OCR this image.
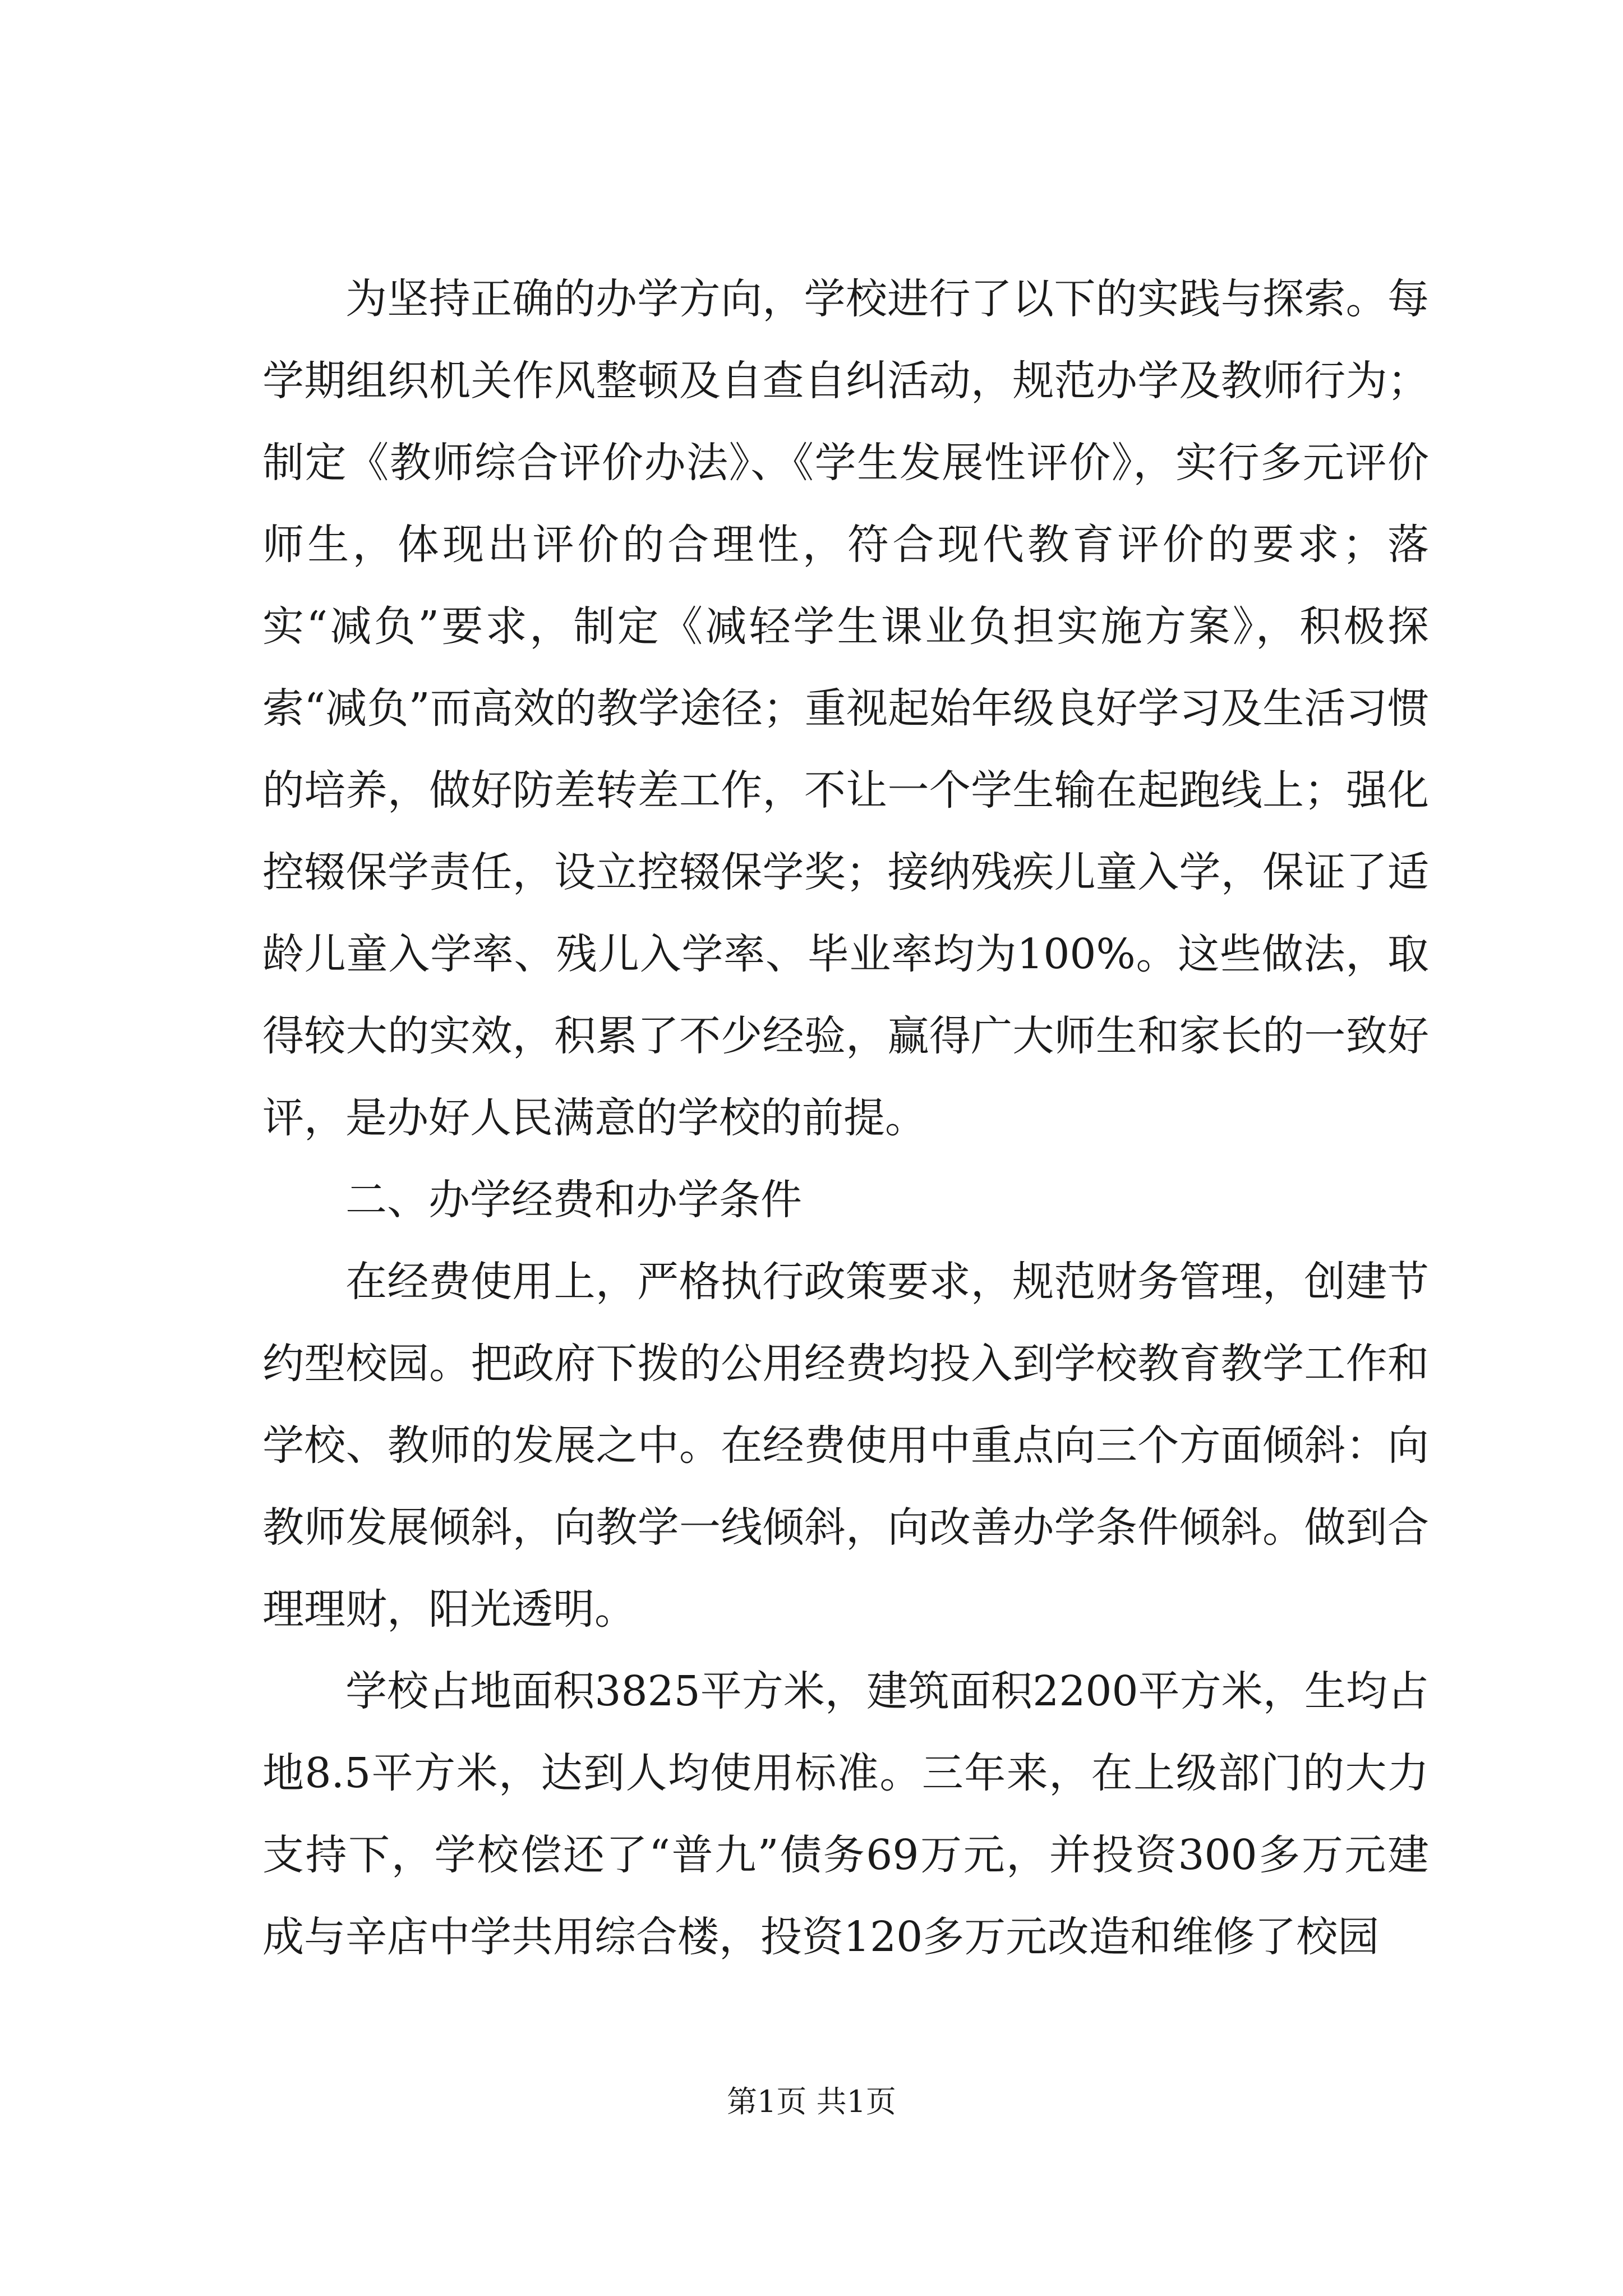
为坚持正确的办学方向，学校进行了以下的实践与探索。每学期组织机关作风整顿及自查自纠活动，规范办学及教师行为；制定《教师综合评价办法》、《学生发展性评价》，实行多元评价师生，体现出评价的合理性，符合现代教育评价的要求；落实“减负”要求，制定《减轻学生课业负担实施方案》，积极探索“减负”而高效的教学途径；重视起始年级良好学习及生活习惯的培养，做好防差转差工作，不让一个学生输在起跑线上；强化控辍保学责任，设立控辍保学奖；接纳残疾儿童入学，保证了适龄儿童入学率、残儿入学率、毕业率均为100%。这些做法，取得较大的实效，积累了不少经验，赢得广大师生和家长的一致好评，是办好人民满意的学校的前提。

二、办学经费和办学条件

在经费使用上，严格执行政策要求，规范财务管理，创建节约型校园。把政府下拨的公用经费均投入到学校教育教学工作和学校、教师的发展之中。在经费使用中重点向三个方面倾斜：向教师发展倾斜，向教学一线倾斜，向改善办学条件倾斜。做到合理理财，阳光透明。

学校占地面积3825平方米，建筑面积2200平方米，生均占地8.5平方米，达到人均使用标准。三年来，在上级部门的大力支持下，学校偿还了“普九”债务69万元，并投资300多万元建成与辛店中学共用综合楼，投资120多万元改造和维修了校园

第1页 共1页
